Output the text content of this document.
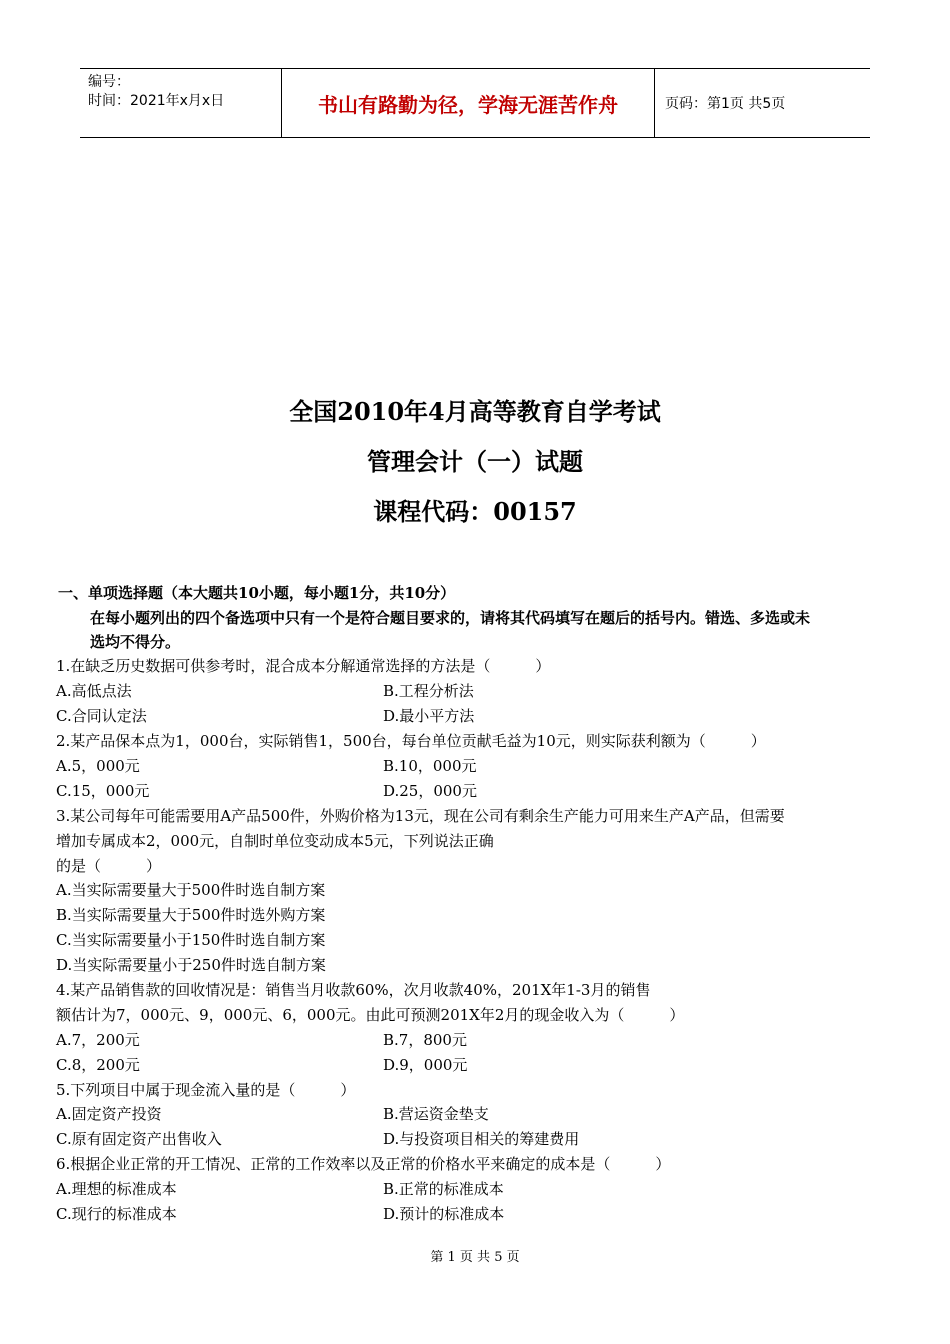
编号：
时间：2021年x月x日	书山有路勤为径，学海无涯苦作舟	页码：第1页 共5页
全国2010年4月高等教育自学考试
管理会计（一）试题
课程代码：00157
一、单项选择题（本大题共10小题，每小题1分，共10分）
在每小题列出的四个备选项中只有一个是符合题目要求的，请将其代码填写在题后的括号内。错选、多选或未
选均不得分。
1.在缺乏历史数据可供参考时，混合成本分解通常选择的方法是（　　　）
A.高低点法	B.工程分析法
C.合同认定法	D.最小平方法
2.某产品保本点为1，000台，实际销售1，500台，每台单位贡献毛益为10元，则实际获利额为（　　　）
A.5，000元	B.10，000元
C.15，000元	D.25，000元
3.某公司每年可能需要用A产品500件，外购价格为13元，现在公司有剩余生产能力可用来生产A产品，但需要
增加专属成本2，000元，自制时单位变动成本5元，下列说法正确
的是（　　　）
A.当实际需要量大于500件时选自制方案
B.当实际需要量大于500件时选外购方案
C.当实际需要量小于150件时选自制方案
D.当实际需要量小于250件时选自制方案
4.某产品销售款的回收情况是：销售当月收款60%，次月收款40%，201X年1-3月的销售
额估计为7，000元、9，000元、6，000元。由此可预测201X年2月的现金收入为（　　　）
A.7，200元	B.7，800元
C.8，200元	D.9，000元
5.下列项目中属于现金流入量的是（　　　）
A.固定资产投资	B.营运资金垫支
C.原有固定资产出售收入	D.与投资项目相关的筹建费用
6.根据企业正常的开工情况、正常的工作效率以及正常的价格水平来确定的成本是（　　　）
A.理想的标准成本	B.正常的标准成本
C.现行的标准成本	D.预计的标准成本
第 1 页 共 5 页
